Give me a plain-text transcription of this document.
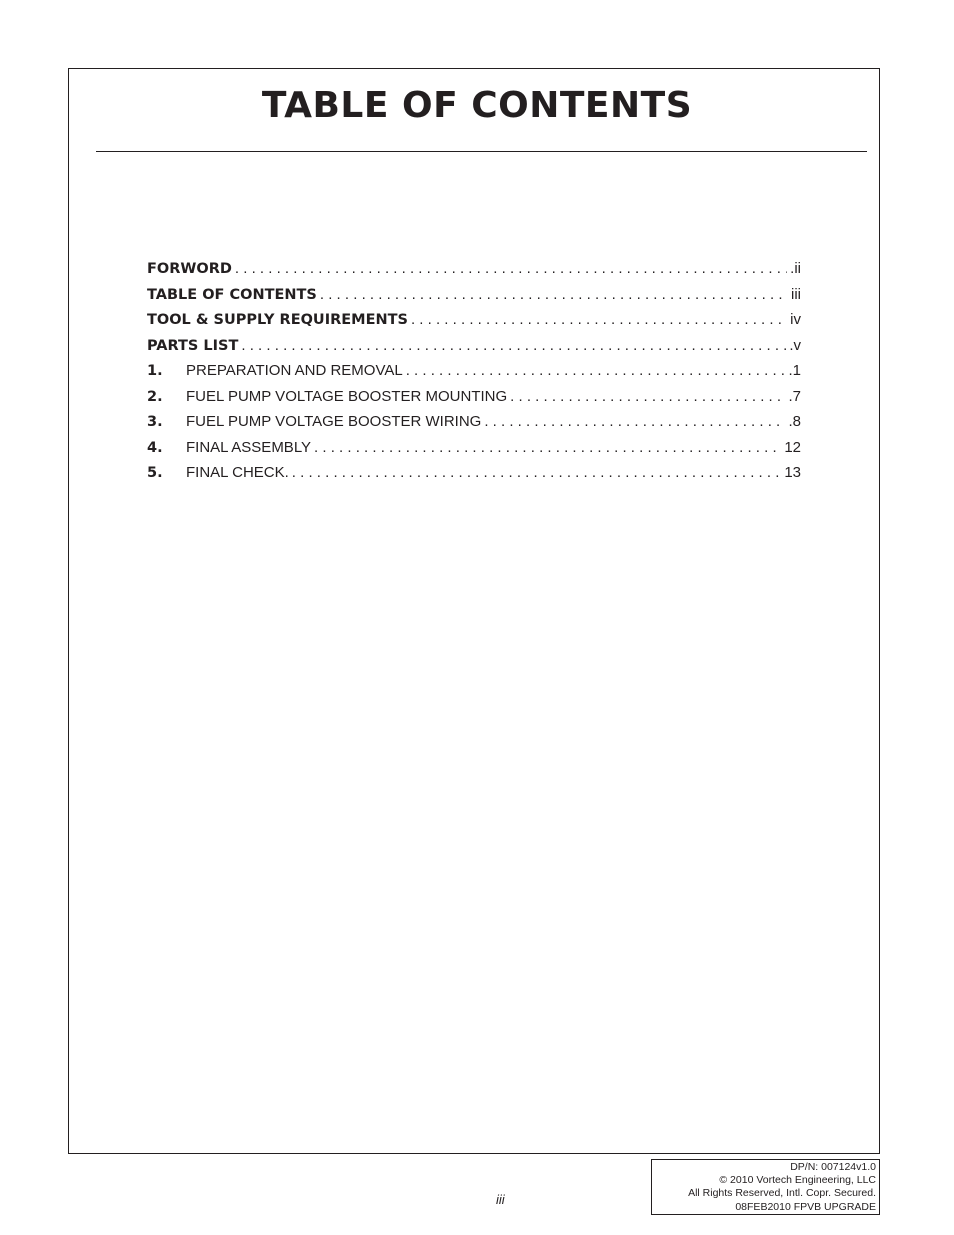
TABLE OF CONTENTS
FORWORD . . .	.ii
TABLE OF CONTENTS . . .	iii
TOOL & SUPPLY REQUIREMENTS . . .	iv
PARTS LIST . . .	.v
1.	PREPARATION AND REMOVAL . . .	.1
2.	FUEL PUMP VOLTAGE BOOSTER MOUNTING . . .	.7
3.	FUEL PUMP VOLTAGE BOOSTER WIRING . . .	.8
4.	FINAL ASSEMBLY . . .	12
5.	FINAL CHECK. . . .	13
iii
DP/N: 007124v1.0
© 2010 Vortech Engineering, LLC
All Rights Reserved, Intl. Copr. Secured.
08FEB2010 FPVB UPGRADE
